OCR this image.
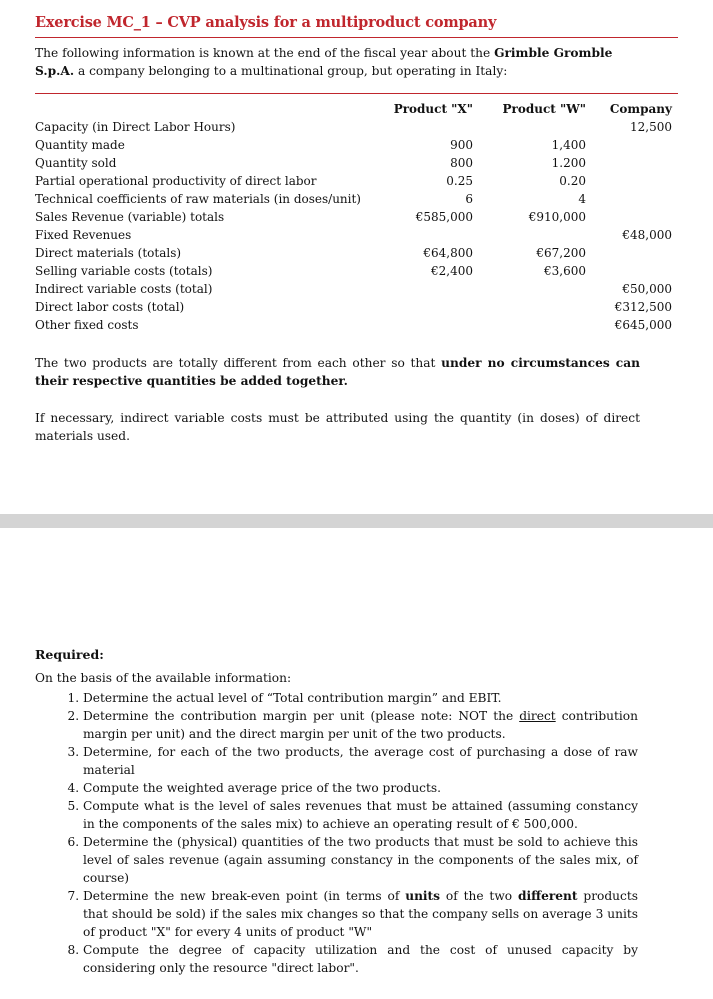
Exercise MC_1 – CVP analysis for a multiproduct company
The following information is known at the end of the fiscal year about the Grimble Gromble S.p.A. a company belonging to a multinational group, but operating in Italy:
	Product "X"	Product "W"	Company
Capacity (in Direct Labor Hours)			12,500
Quantity made	900	1,400	
Quantity sold	800	1.200	
Partial operational productivity of direct labor	0.25	0.20	
Technical coefficients of raw materials (in doses/unit)	6	4	
Sales Revenue (variable) totals	€585,000	€910,000	
Fixed Revenues			€48,000
Direct materials (totals)	€64,800	€67,200	
Selling variable costs (totals)	€2,400	€3,600	
Indirect variable costs (total)			€50,000
Direct labor costs (total)			€312,500
Other fixed costs			€645,000
The two products are totally different from each other so that under no circumstances can their respective quantities be added together.
If necessary, indirect variable costs must be attributed using the quantity (in doses) of direct materials used.
Required:
On the basis of the available information:
1. Determine the actual level of “Total contribution margin” and EBIT.
2. Determine the contribution margin per unit (please note: NOT the direct contribution margin per unit) and the direct margin per unit of the two products.
3. Determine, for each of the two products, the average cost of purchasing a dose of raw material
4. Compute the weighted average price of the two products.
5. Compute what is the level of sales revenues that must be attained (assuming constancy in the components of the sales mix) to achieve an operating result of € 500,000.
6. Determine the (physical) quantities of the two products that must be sold to achieve this level of sales revenue (again assuming constancy in the components of the sales mix, of course)
7. Determine the new break-even point (in terms of units of the two different products that should be sold) if the sales mix changes so that the company sells on average 3 units of product "X" for every 4 units of product "W"
8. Compute the degree of capacity utilization and the cost of unused capacity by considering only the resource "direct labor".
